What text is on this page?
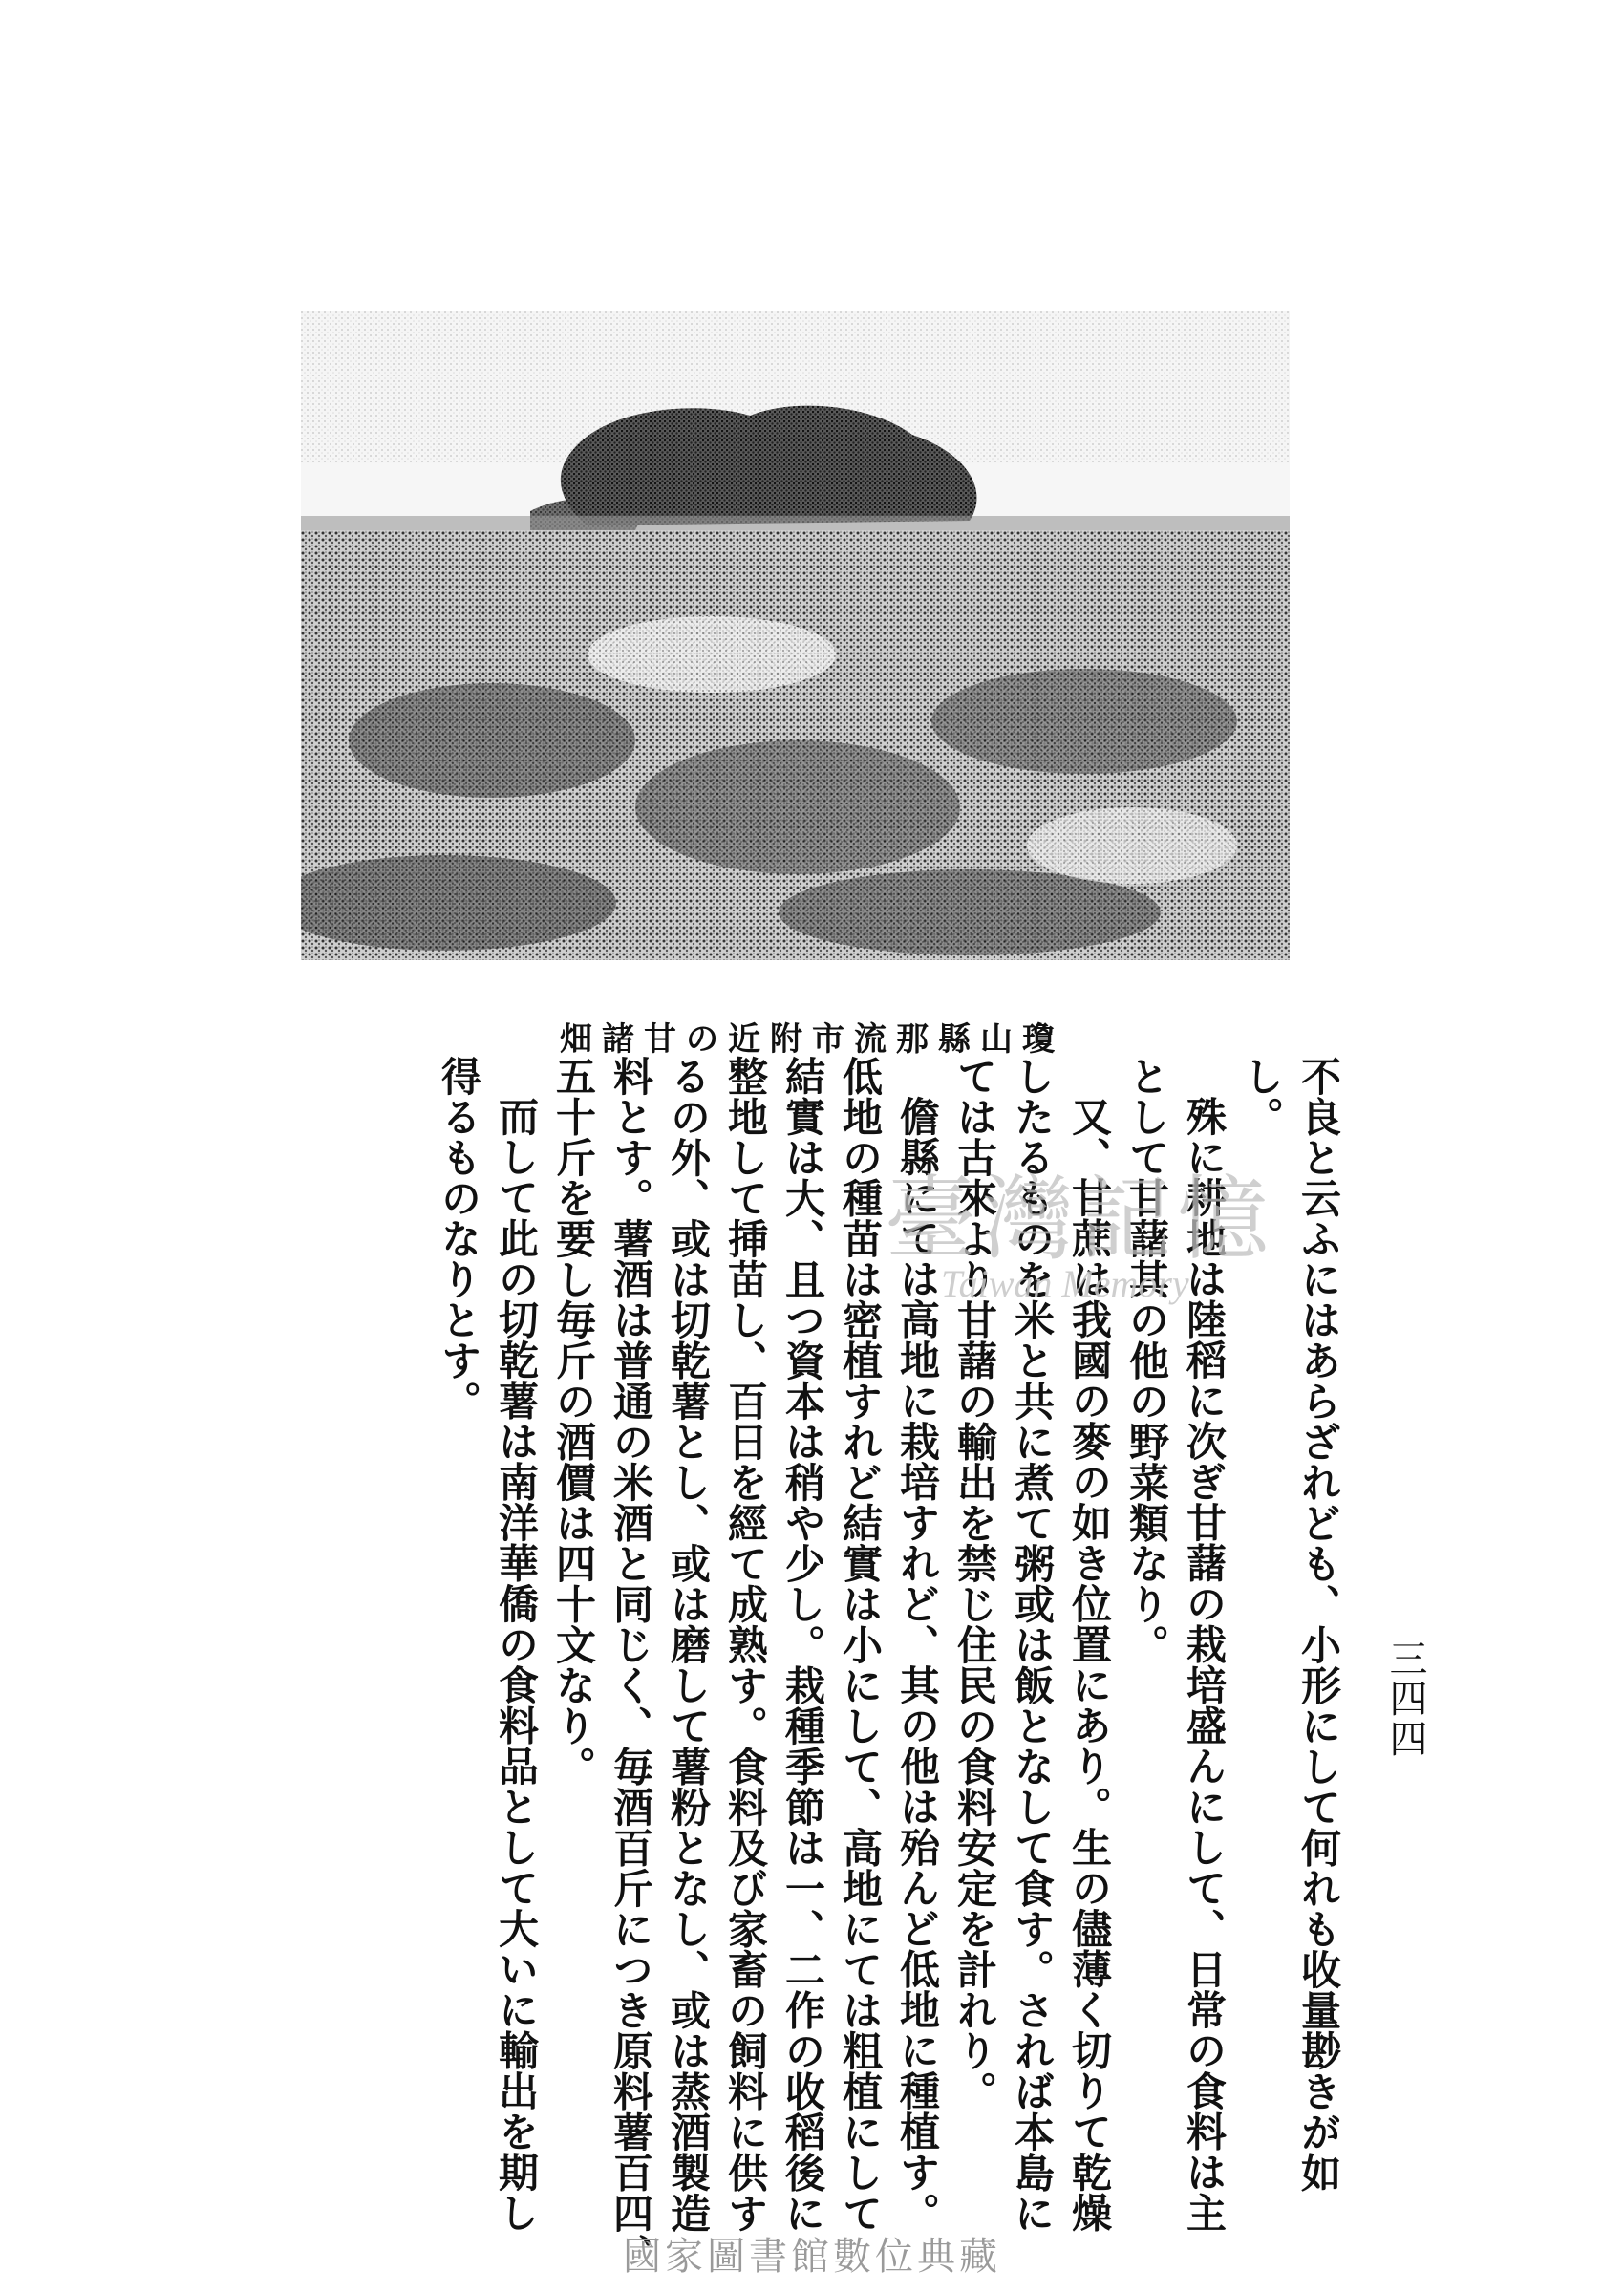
畑諸甘の近附市流那縣山瓊
三四四
不良と云ふにはあらざれども、小形にして何れも收量尠きが如
し。
殊に耕地は陸稻に次ぎ甘藷の栽培盛んにして、日常の食料は主
として甘藷其の他の野菜類なり。
又、甘蔗は我國の麥の如き位置にあり。生の儘薄く切りて乾燥
したるものを米と共に煮て粥或は飯となして食す。されば本島に
ては古來より甘藷の輸出を禁じ住民の食料安定を計れり。
儋縣にては高地に栽培すれど、其の他は殆んど低地に種植す。
低地の種苗は密植すれど結實は小にして、高地にては粗植にして
結實は大、且つ資本は稍や少し。栽種季節は一、二作の收稻後に
整地して挿苗し、百日を經て成熟す。食料及び家畜の飼料に供す
るの外、或は切乾薯とし、或は磨して薯粉となし、或は蒸酒製造
料とす。薯酒は普通の米酒と同じく、毎酒百斤につき原料薯百四、
五十斤を要し毎斤の酒價は四十文なり。
而して此の切乾薯は南洋華僑の食料品として大いに輸出を期し
得るものなりとす。	臺灣記憶
Taiwan Memory
國家圖書館數位典藏
